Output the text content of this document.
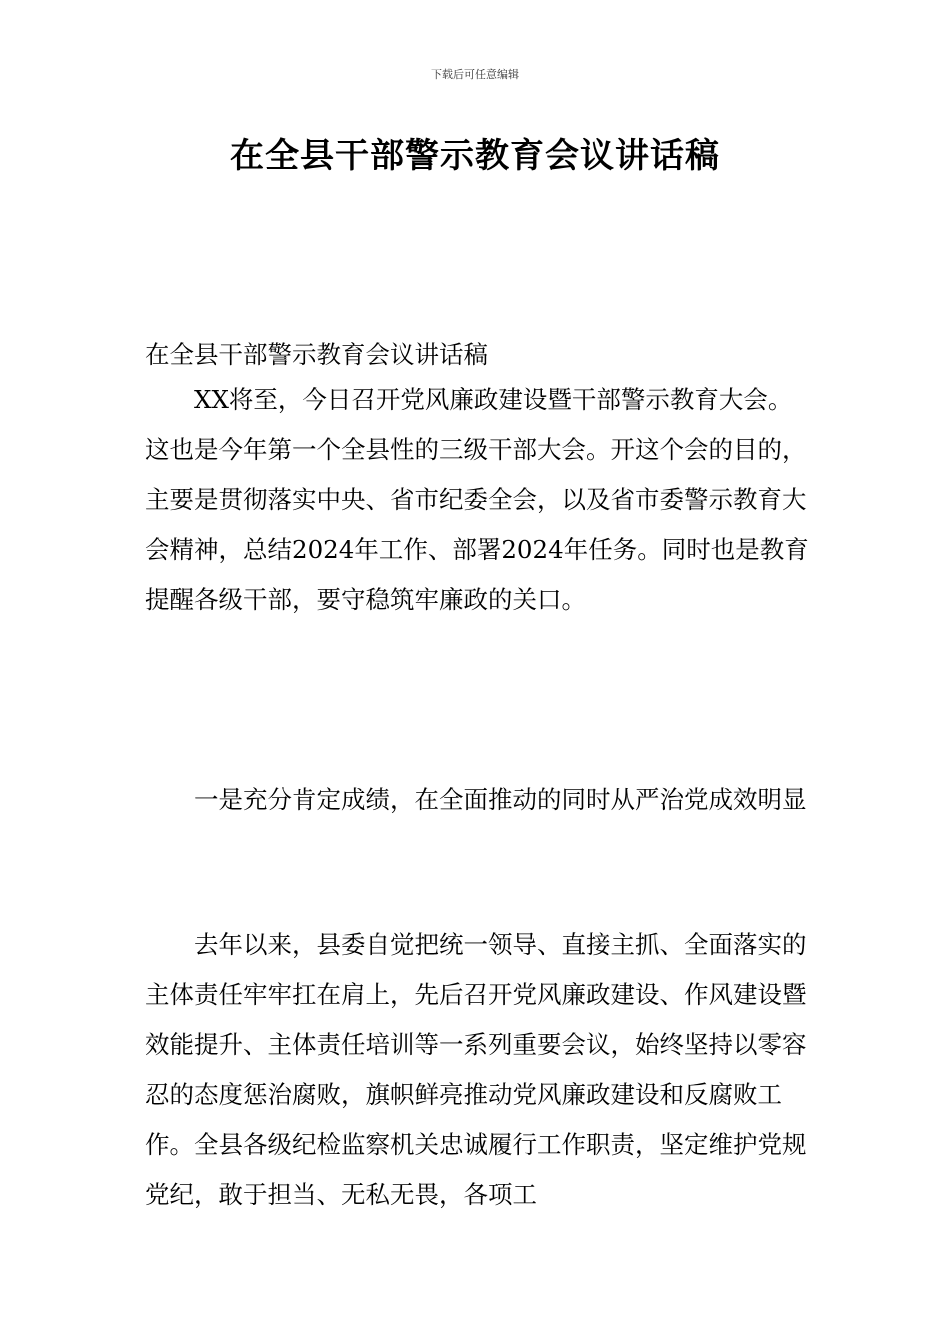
下载后可任意编辑
在全县干部警示教育会议讲话稿

在全县干部警示教育会议讲话稿

XX将至，今日召开党风廉政建设暨干部警示教育大会。这也是今年第一个全县性的三级干部大会。开这个会的目的，主要是贯彻落实中央、省市纪委全会，以及省市委警示教育大会精神，总结2024年工作、部署2024年任务。同时也是教育提醒各级干部，要守稳筑牢廉政的关口。

一是充分肯定成绩，在全面推动的同时从严治党成效明显

去年以来，县委自觉把统一领导、直接主抓、全面落实的主体责任牢牢扛在肩上，先后召开党风廉政建设、作风建设暨效能提升、主体责任培训等一系列重要会议，始终坚持以零容忍的态度惩治腐败，旗帜鲜亮推动党风廉政建设和反腐败工作。全县各级纪检监察机关忠诚履行工作职责，坚定维护党规党纪，敢于担当、无私无畏，各项工
